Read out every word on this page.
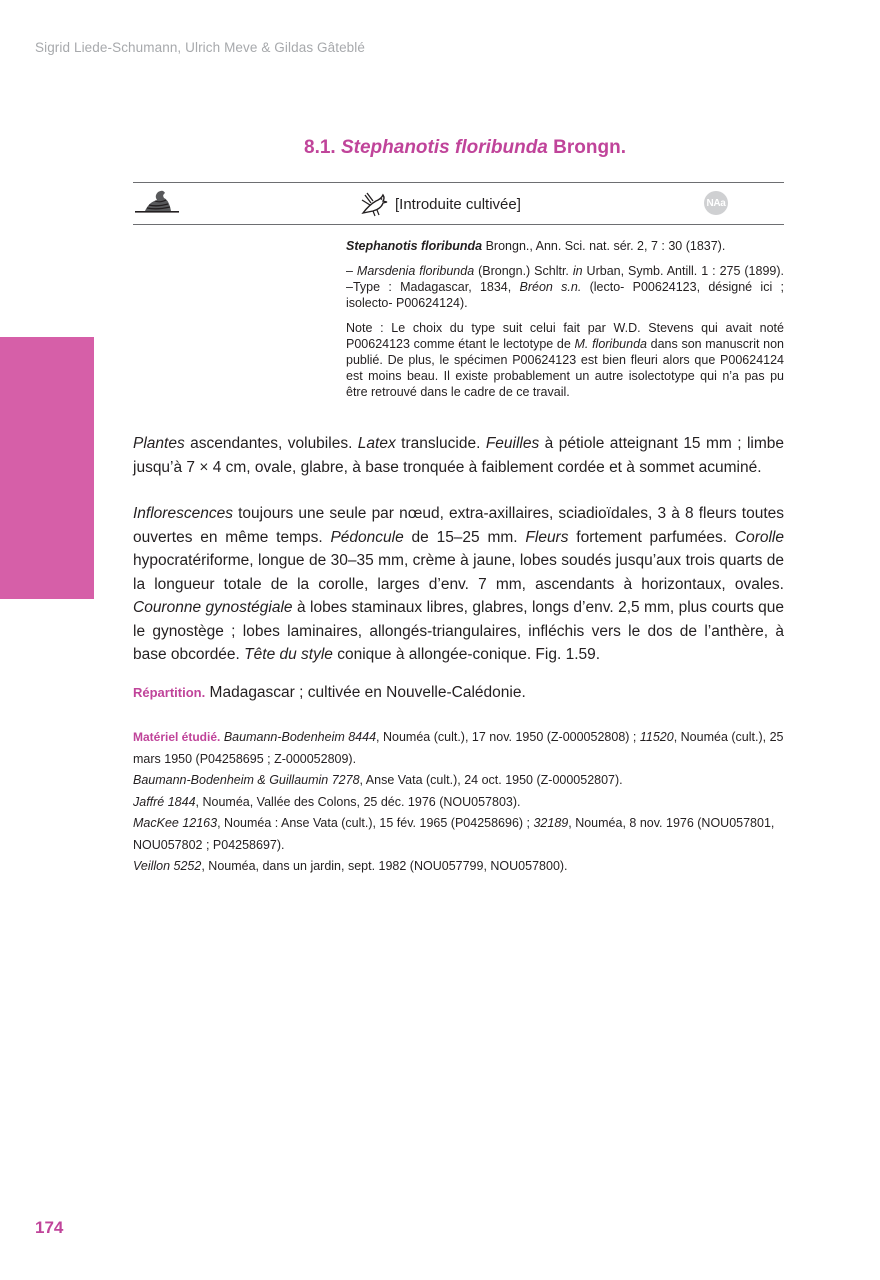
Sigrid Liede-Schumann, Ulrich Meve & Gildas Gâteblé
8.1. Stephanotis floribunda Brongn.
[Introduite cultivée]	NAa

Stephanotis floribunda Brongn., Ann. Sci. nat. sér. 2, 7 : 30 (1837).

– Marsdenia floribunda (Brongn.) Schltr. in Urban, Symb. Antill. 1 : 275 (1899). –Type : Madagascar, 1834, Bréon s.n. (lecto- P00624123, désigné ici ; isolecto- P00624124).

Note : Le choix du type suit celui fait par W.D. Stevens qui avait noté P00624123 comme étant le lectotype de M. floribunda dans son manuscrit non publié. De plus, le spécimen P00624123 est bien fleuri alors que P00624124 est moins beau. Il existe probablement un autre isolectotype qui n’a pas pu être retrouvé dans le cadre de ce travail.

Plantes ascendantes, volubiles. Latex translucide. Feuilles à pétiole atteignant 15 mm ; limbe jusqu’à 7 × 4 cm, ovale, glabre, à base tronquée à faiblement cordée et à sommet acuminé.

Inflorescences toujours une seule par nœud, extra-axillaires, sciadioïdales, 3 à 8 fleurs toutes ouvertes en même temps. Pédoncule de 15–25 mm. Fleurs fortement parfumées. Corolle hypocratériforme, longue de 30–35 mm, crème à jaune, lobes soudés jusqu’aux trois quarts de la longueur totale de la corolle, larges d’env. 7 mm, ascendants à horizontaux, ovales. Couronne gynostégiale à lobes staminaux libres, glabres, longs d’env. 2,5 mm, plus courts que le gynostège ; lobes laminaires, allongés-triangulaires, infléchis vers le dos de l’anthère, à base obcordée. Tête du style conique à allongée-conique. Fig. 1.59.

Répartition. Madagascar ; cultivée en Nouvelle-Calédonie.

Matériel étudié. Baumann-Bodenheim 8444, Nouméa (cult.), 17 nov. 1950 (Z-000052808) ; 11520, Nouméa (cult.), 25 mars 1950 (P04258695 ; Z-000052809).

Baumann-Bodenheim & Guillaumin 7278, Anse Vata (cult.), 24 oct. 1950 (Z-000052807).

Jaffré 1844, Nouméa, Vallée des Colons, 25 déc. 1976 (NOU057803).

MacKee 12163, Nouméa : Anse Vata (cult.), 15 fév. 1965 (P04258696) ; 32189, Nouméa, 8 nov. 1976 (NOU057801, NOU057802 ; P04258697).

Veillon 5252, Nouméa, dans un jardin, sept. 1982 (NOU057799, NOU057800).

174
